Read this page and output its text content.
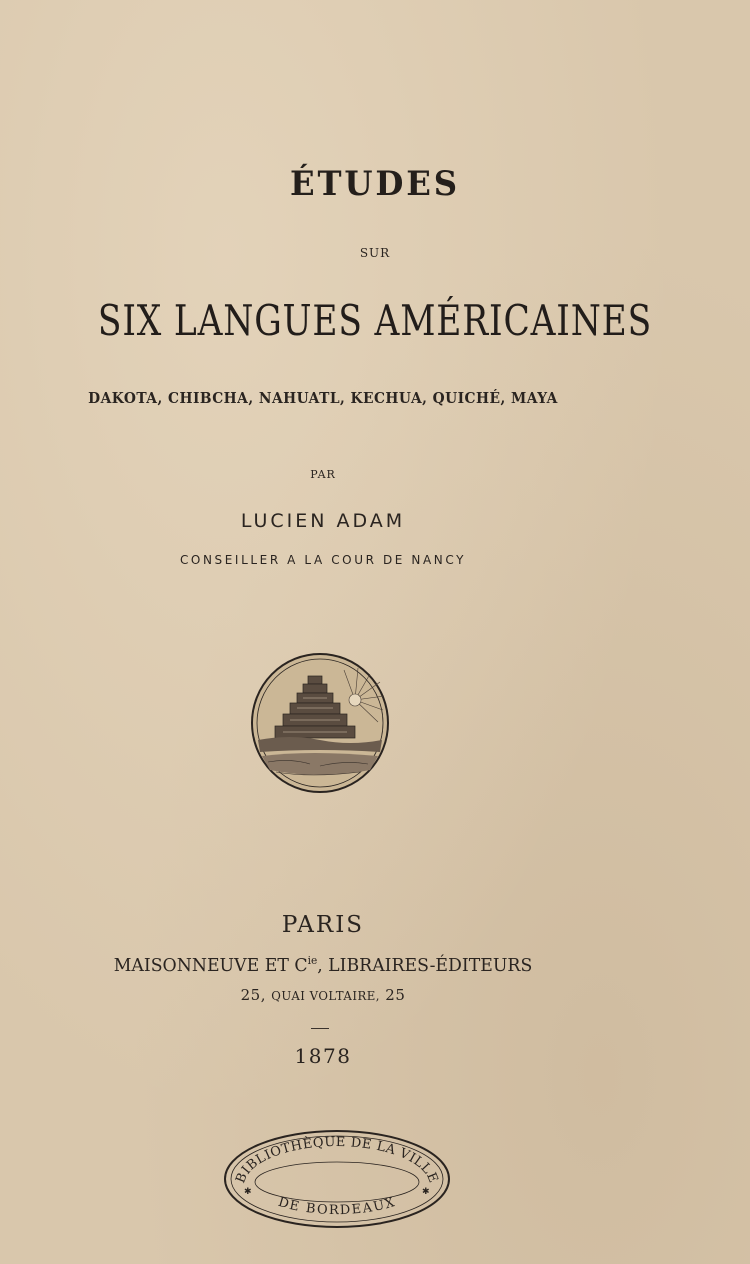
ÉTUDES
SUR
SIX LANGUES AMÉRICAINES
DAKOTA, CHIBCHA, NAHUATL, KECHUA, QUICHÉ, MAYA
PAR
LUCIEN ADAM
CONSEILLER A LA COUR DE NANCY
PARIS
MAISONNEUVE ET $C^{ie}$, LIBRAIRES-ÉDITEURS
25, QUAI VOLTAIRE, 25
1878
BIBLIOTHÈQUE DE LA VILLE
DE BORDEAUX
✱	✱
